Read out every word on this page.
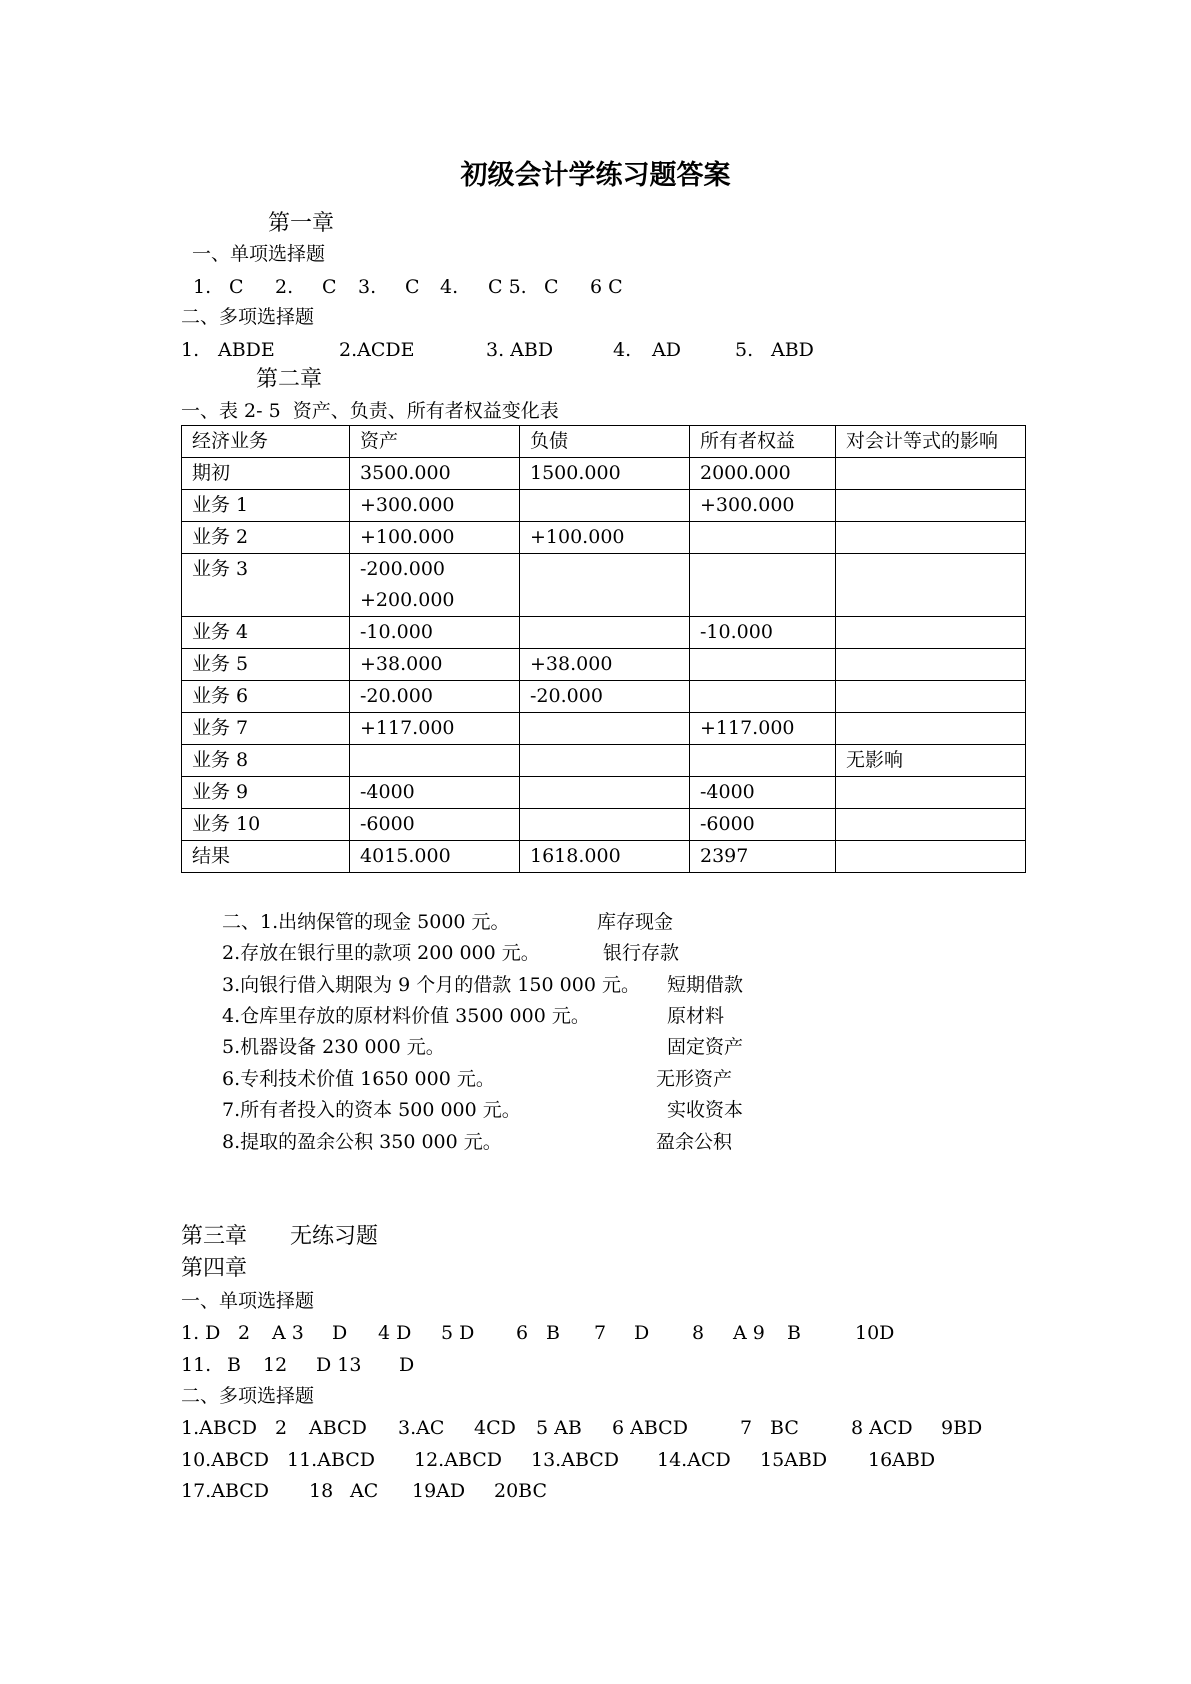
初级会计学练习题答案
第一章
一、单项选择题
1. C 2. C 3. C 4. C 5. C 6 C
二、多项选择题
1. ABDE	2.ACDE	3. ABD	4. AD	5. ABD
第二章
一、表 2- 5  资产、负责、所有者权益变化表
经济业务	资产	负债	所有者权益	对会计等式的影响
期初	3500.000	1500.000	2000.000	
业务 1	+300.000		+300.000	
业务 2	+100.000	+100.000		

业务 3	-200.000
+200.000			

业务 4	-10.000		-10.000	
业务 5	+38.000	+38.000		
业务 6	-20.000	-20.000		
业务 7	+117.000		+117.000	
业务 8				无影响
业务 9	-4000		-4000	
业务 10	-6000		-6000	
结果	4015.000	1618.000	2397	
二、1.出纳保管的现金 5000 元。	库存现金
2.存放在银行里的款项 200 000 元。	银行存款
3.向银行借入期限为 9 个月的借款 150 000 元。 短期借款
4.仓库里存放的原材料价值 3500 000 元。	原材料
5.机器设备 230 000 元。	固定资产
6.专利技术价值 1650 000 元。	无形资产
7.所有者投入的资本 500 000 元。	实收资本
8.提取的盈余公积 350 000 元。	盈余公积
第三章 无练习题
第四章
一、单项选择题
1. D 2 A 3 D 4 D 5 D 6 B 7 D 8 A 9 B	10D
11. B 12 D 13 D
二、多项选择题
1.ABCD 2 ABCD 3.AC 4CD 5 AB 6 ABCD	7 BC	8 ACD 9BD
10.ABCD 11.ABCD 12.ABCD 13.ABCD 14.ACD 15ABD 16ABD
17.ABCD 18 AC 19AD 20BC
